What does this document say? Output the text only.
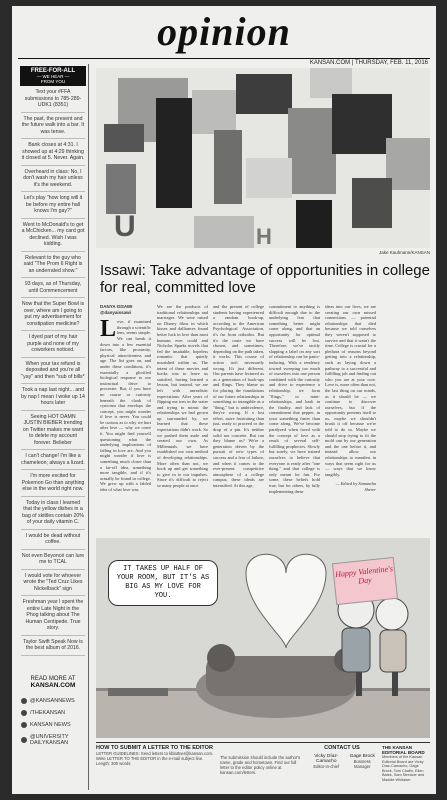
opinion
KANSAN.COM | THURSDAY, FEB. 11, 2016
FREE-FOR-ALL
— WE HEAR —
FROM YOU
Text your #FFA submissions to 785-289-UDK1 (8351)
The past, the present and the future walk into a bar. It was tense.
Bank closes at 4:31. I showed up at 4:29 thinking it closed at 5. Never. Again.
Overheard in class: No, I don't wash my hair unless it's the weekend.
Let's play "how long will it be before my entire hall knows I'm gay?"
Went to McDonald's to get a McChicken... my card got declined. Wish I was kidding.
Relevant to the guy who said "The Prom 6 Right is an underrated show."
93 days, as of Thursday, until Commencement
Now that the Super Bowl is over, where am I going to put my advertisement for constipation medicine?
I dyed part of my hair purple and none of my coworkers noticed.
When your tax refund is deposited and you're all "yay" and then *sub of bills*
Took a nap last night... and by nap I mean I woke up 14 hours later
Seeing HOT DAMN JUSTIN BIEBER trending on Twitter makes me want to delete my account forever. Belieber
I can't change! I'm like a chameleon; always a lizard.
I'm more excited for Pokemon Go than anything else in the world right now.
Today in class I learned that the yellow dishes in a bag of skittles contain 20% of your daily vitamin C.
I would be dead without coffee.
Not even Beyoncé can lure me to TCAL
I would vote for whoever wrote the "Ted Cruz Likes Nickelback" sign
Freshman year I spent the entire Late Night in the Phog talking about The Human Centipede. True story.
Taylor Swift Speak Now is the best album of 2016.
READ MORE AT
KANSAN.COM
@KANSANNEWS
/THEKANSAN
KANSAN NEWS
@UNIVERSITY DAILYKANSAN
U	H
Jake Kaufmann/KANSAN
Issawi: Take advantage of opportunities in college for real, committed love
DANYA ISSAWI
@danyaissawi
L ove, if examined through a scientific lens, seems simple. We can break it down into a few essential factors, like proximity, physical attractiveness and age. The list goes on, and under these conditions, it's essentially a glorified biological response to our instinctual drive to procreate. But, if you have no course or curiosity beneath the cloak of cynicism that envelops the concept, you might wonder if love is never. You could be curious as to why we hurt after love — why we crave it. You might find yourself questioning what the underlying implications of falling in love are. And you might wonder if love is something much closer than a far-off idea, something more tangible, and if it's actually be found in college. We grew up with a fabled idea of what love was.
We are the products of traditional relationships and marriages. We were raised on Disney films in which kisses and dalliances found better luck in love than most humans ever could and Nicholas Sparks novels that fed the insatiable, hopeless romantic that quietly nourished within us. The intent of these movies and books was to leave us satisfied, having learned a lesson, but instead, we are left with unrealistic expectations. After years of flipping our toes in the water and trying to mimic the relationships we had grown up surrounded by, we learned that these expectations didn't work. So we pushed them aside and created our own. As Millennials, we have established our own method of developing relationships. More often than not, we hook up and get something to give in to our impulses. Since it's difficult to reject so many people at once.
and the present of college students having experienced a random hook-up, according to the American Psychological Association, it's far from orthodox. But it's the route we have chosen, and sometimes, depending on the path taken, it works. This course of action isn't necessarily wrong. It's just different. Our parents have lectured us as a generation of hook-ups and flings. They blame us for placing the foundations of our future relationships in something so intangible as a "thing," but is ambivalence, they're wrong. If a lost effort, more frustrating than just, ready to proceed or the drop of a pin. It's neither solid nor concrete. But can they blame us? We're a generation driven by the pursuit of new types of success and a fear of failure, and when it comes to the ever-present competitive atmosphere of a college campus, these ideals are intensified. At this age,
commitment to anything is difficult enough due to the underlying fear that something better might come along, and that an opportunity for optimal success will be lost. Therefore, we've tacitly slapping a label on any sort of relationship can be panic-inducing. With a tendency toward sweeping too much of ourselves into one person combined with the curiosity and drive to experience a relationship, we form "flings," or mini-relationships, and bask in the finality, and lack of commitment that pepper, in your something faster than come along. We've become paralyzed when faced with the concept of love as a result of several self-fulfilling prophecies. Slowly but surely, we have trained ourselves to believe that everyone is ready after "one thing," and that college is only meant for fun. For some, these beliefs hold true, but for others, by fully implementing these
ideas into our lives, we are creating our own missed connections — potential relationships that died because we told ourselves they weren't supposed to survive and that it wasn't the time. College is crucial for a plethora of reasons beyond getting into a relationship, such as laying down a pathway to a successful and fulfilling job and finding out who you are at your core. Love is, more often than not, the last thing on our minds, as it should be — we continue to discover ourselves, but if the opportunity presents itself to us, maybe we shouldn't brush it off because we're told to do so. Maybe we should stop trying to fit the mold cast by our generation and the one before it, and instead allow our relationships to manifest in ways that seem right for us — ways that we know tangibly.
— Edited by Samantha Sherer
IT TAKES UP HALF OF YOUR ROOM, BUT IT'S AS BIG AS MY LOVE FOR YOU.
Happy Valentine's Day
HOW TO SUBMIT A LETTER TO THE EDITOR
LETTER GUIDELINES: Send letters to kblattner@kansan.com. Write LETTER TO THE EDITOR in the e-mail subject line. Length: 300 words
The submission should include the author's name, grade and hometown. Find our full letter to the editor policy online at kansan.com/letters.
CONTACT US
Vicky Díaz-Camacho
Editor-in-chief
Gage Brock
Business Manager
THE KANSAN EDITORIAL BOARD
Members of the Kansan Editorial Board are Vicky Díaz-Camacho, Gage Brock, Tom Chafin, Ellen Bates, Sam Strecker and Maddie Whitaker.
